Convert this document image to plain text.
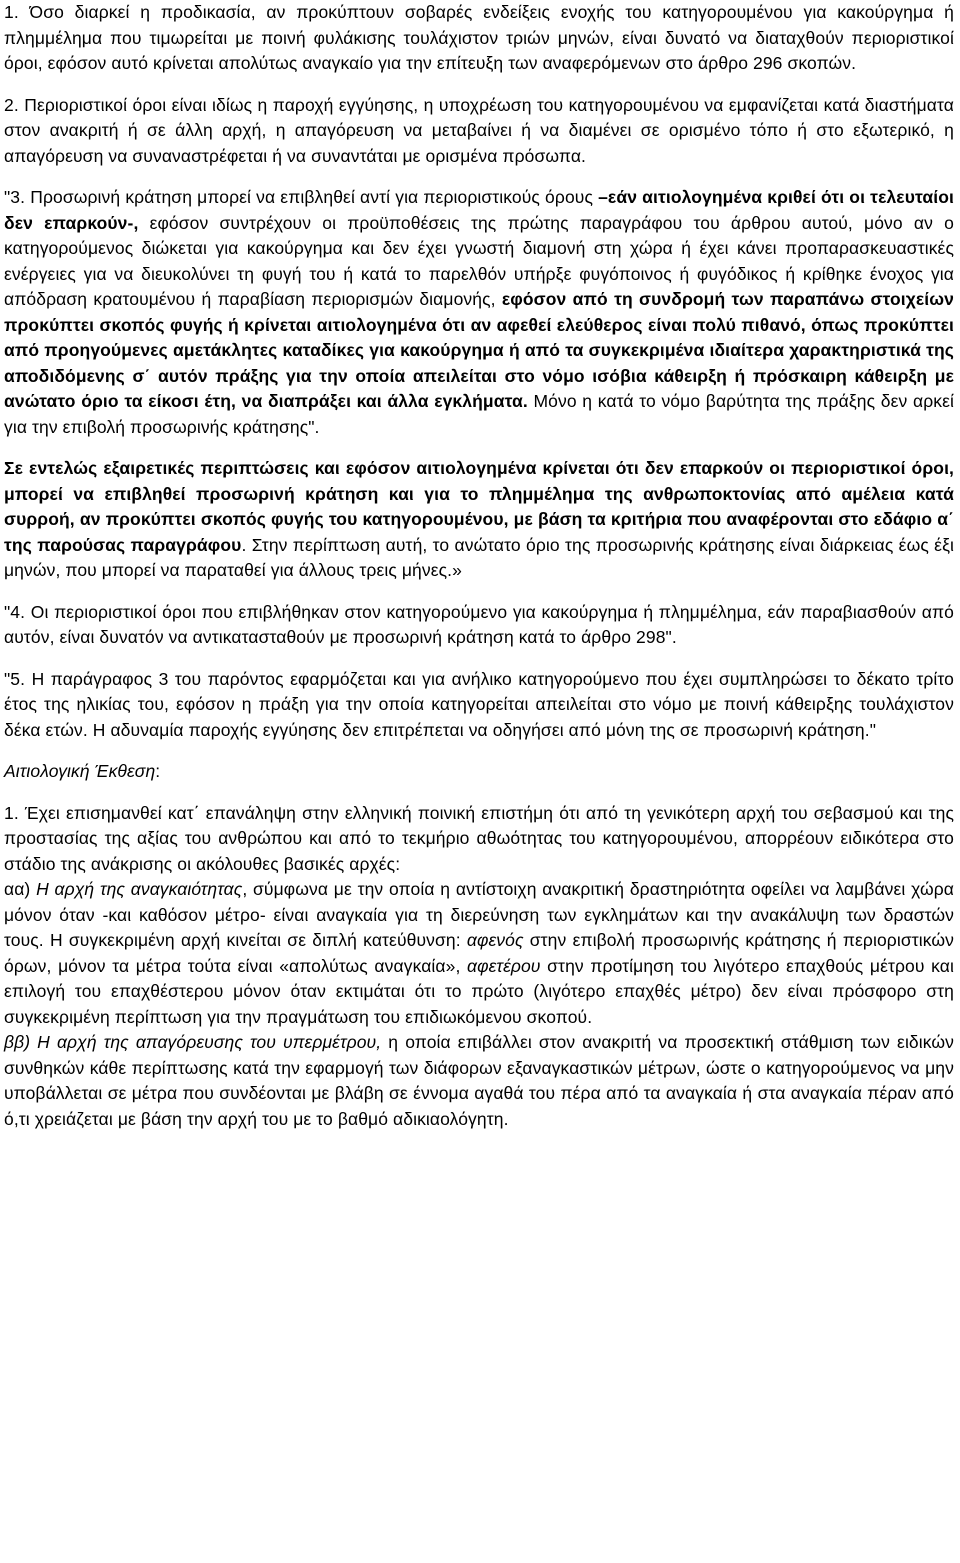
1. Όσο διαρκεί η προδικασία, αν προκύπτουν σοβαρές ενδείξεις ενοχής του κατηγορουμένου για κακούργημα ή πλημμέλημα που τιμωρείται με ποινή φυλάκισης τουλάχιστον τριών μηνών, είναι δυνατό να διαταχθούν περιοριστικοί όροι, εφόσον αυτό κρίνεται απολύτως αναγκαίο για την επίτευξη των αναφερόμενων στο άρθρο 296 σκοπών.

2. Περιοριστικοί όροι είναι ιδίως η παροχή εγγύησης, η υποχρέωση του κατηγορουμένου να εμφανίζεται κατά διαστήματα στον ανακριτή ή σε άλλη αρχή, η απαγόρευση να μεταβαίνει ή να διαμένει σε ορισμένο τόπο ή στο εξωτερικό, η απαγόρευση να συναναστρέφεται ή να συναντάται με ορισμένα πρόσωπα.

"3. Προσωρινή κράτηση μπορεί να επιβληθεί αντί για περιοριστικούς όρους –εάν αιτιολογημένα κριθεί ότι οι τελευταίοι δεν επαρκούν-, εφόσον συντρέχουν οι προϋποθέσεις της πρώτης παραγράφου του άρθρου αυτού, μόνο αν ο κατηγορούμενος διώκεται για κακούργημα και δεν έχει γνωστή διαμονή στη χώρα ή έχει κάνει προπαρασκευαστικές ενέργειες για να διευκολύνει τη φυγή του ή κατά το παρελθόν υπήρξε φυγόποινος ή φυγόδικος ή κρίθηκε ένοχος για απόδραση κρατουμένου ή παραβίαση περιορισμών διαμονής, εφόσον από τη συνδρομή των παραπάνω στοιχείων προκύπτει σκοπός φυγής ή κρίνεται αιτιολογημένα ότι αν αφεθεί ελεύθερος είναι πολύ πιθανό, όπως προκύπτει από προηγούμενες αμετάκλητες καταδίκες για κακούργημα ή από τα συγκεκριμένα ιδιαίτερα χαρακτηριστικά της αποδιδόμενης σ΄ αυτόν πράξης για την οποία απειλείται στο νόμο ισόβια κάθειρξη ή πρόσκαιρη κάθειρξη με ανώτατο όριο τα είκοσι έτη, να διαπράξει και άλλα εγκλήματα. Μόνο η κατά το νόμο βαρύτητα της πράξης δεν αρκεί για την επιβολή προσωρινής κράτησης".

Σε εντελώς εξαιρετικές περιπτώσεις και εφόσον αιτιολογημένα κρίνεται ότι δεν επαρκούν οι περιοριστικοί όροι, μπορεί να επιβληθεί προσωρινή κράτηση και για το πλημμέλημα της ανθρωποκτονίας από αμέλεια κατά συρροή, αν προκύπτει σκοπός φυγής του κατηγορουμένου, με βάση τα κριτήρια που αναφέρονται στο εδάφιο α΄ της παρούσας παραγράφου. Στην περίπτωση αυτή, το ανώτατο όριο της προσωρινής κράτησης είναι διάρκειας έως έξι μηνών, που μπορεί να παραταθεί για άλλους τρεις μήνες.»

"4. Οι περιοριστικοί όροι που επιβλήθηκαν στον κατηγορούμενο για κακούργημα ή πλημμέλημα, εάν παραβιασθούν από αυτόν, είναι δυνατόν να αντικατασταθούν με προσωρινή κράτηση κατά το άρθρο 298".

"5. Η παράγραφος 3 του παρόντος εφαρμόζεται και για ανήλικο κατηγορούμενο που έχει συμπληρώσει το δέκατο τρίτο έτος της ηλικίας του, εφόσον η πράξη για την οποία κατηγορείται απειλείται στο νόμο με ποινή κάθειρξης τουλάχιστον δέκα ετών. Η αδυναμία παροχής εγγύησης δεν επιτρέπεται να οδηγήσει από μόνη της σε προσωρινή κράτηση."

Αιτιολογική Έκθεση:

1. Έχει επισημανθεί κατ΄ επανάληψη στην ελληνική ποινική επιστήμη ότι από τη γενικότερη αρχή του σεβασμού και της προστασίας της αξίας του ανθρώπου και από το τεκμήριο αθωότητας του κατηγορουμένου, απορρέουν ειδικότερα στο στάδιο της ανάκρισης οι ακόλουθες βασικές αρχές:

αα) Η αρχή της αναγκαιότητας, σύμφωνα με την οποία η αντίστοιχη ανακριτική δραστηριότητα οφείλει να λαμβάνει χώρα μόνον όταν -και καθόσον μέτρο- είναι αναγκαία για τη διερεύνηση των εγκλημάτων και την ανακάλυψη των δραστών τους. Η συγκεκριμένη αρχή κινείται σε διπλή κατεύθυνση: αφενός στην επιβολή προσωρινής κράτησης ή περιοριστικών όρων, μόνον τα μέτρα τούτα είναι «απολύτως αναγκαία», αφετέρου στην προτίμηση του λιγότερο επαχθούς μέτρου και επιλογή του επαχθέστερου μόνον όταν εκτιμάται ότι το πρώτο (λιγότερο επαχθές μέτρο) δεν είναι πρόσφορο στη συγκεκριμένη περίπτωση για την πραγμάτωση του επιδιωκόμενου σκοπού.

ββ) Η αρχή της απαγόρευσης του υπερμέτρου, η οποία επιβάλλει στον ανακριτή να προσεκτική στάθμιση των ειδικών συνθηκών κάθε περίπτωσης κατά την εφαρμογή των διάφορων εξαναγκαστικών μέτρων, ώστε ο κατηγορούμενος να μην υποβάλλεται σε μέτρα που συνδέονται με βλάβη σε έννομα αγαθά του πέρα από τα αναγκαία ή στα αναγκαία πέραν από ό,τι χρειάζεται με βάση την αρχή του με το βαθμό αδικιαολόγητη.
